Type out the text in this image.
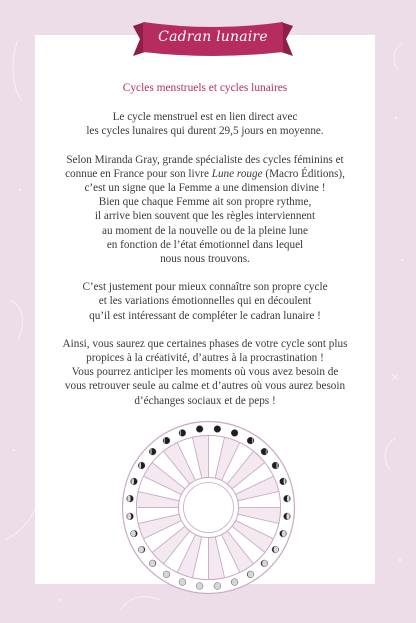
Cycles menstruels et cycles lunaires

Le cycle menstruel est en lien direct avec
les cycles lunaires qui durent 29,5 jours en moyenne.

Selon Miranda Gray, grande spécialiste des cycles féminins et
connue en France pour son livre Lune rouge (Macro Éditions),
c’est un signe que la Femme a une dimension divine !
Bien que chaque Femme ait son propre rythme,
il arrive bien souvent que les règles interviennent
au moment de la nouvelle ou de la pleine lune
en fonction de l’état émotionnel dans lequel
nous nous trouvons.

C’est justement pour mieux connaître son propre cycle
et les variations émotionnelles qui en découlent
qu’il est intéressant de compléter le cadran lunaire !

Ainsi, vous saurez que certaines phases de votre cycle sont plus
propices à la créativité, d’autres à la procrastination !
Vous pourrez anticiper les moments où vous avez besoin de
vous retrouver seule au calme et d’autres où vous aurez besoin
d’échanges sociaux et de peps !

Cadran lunaire
